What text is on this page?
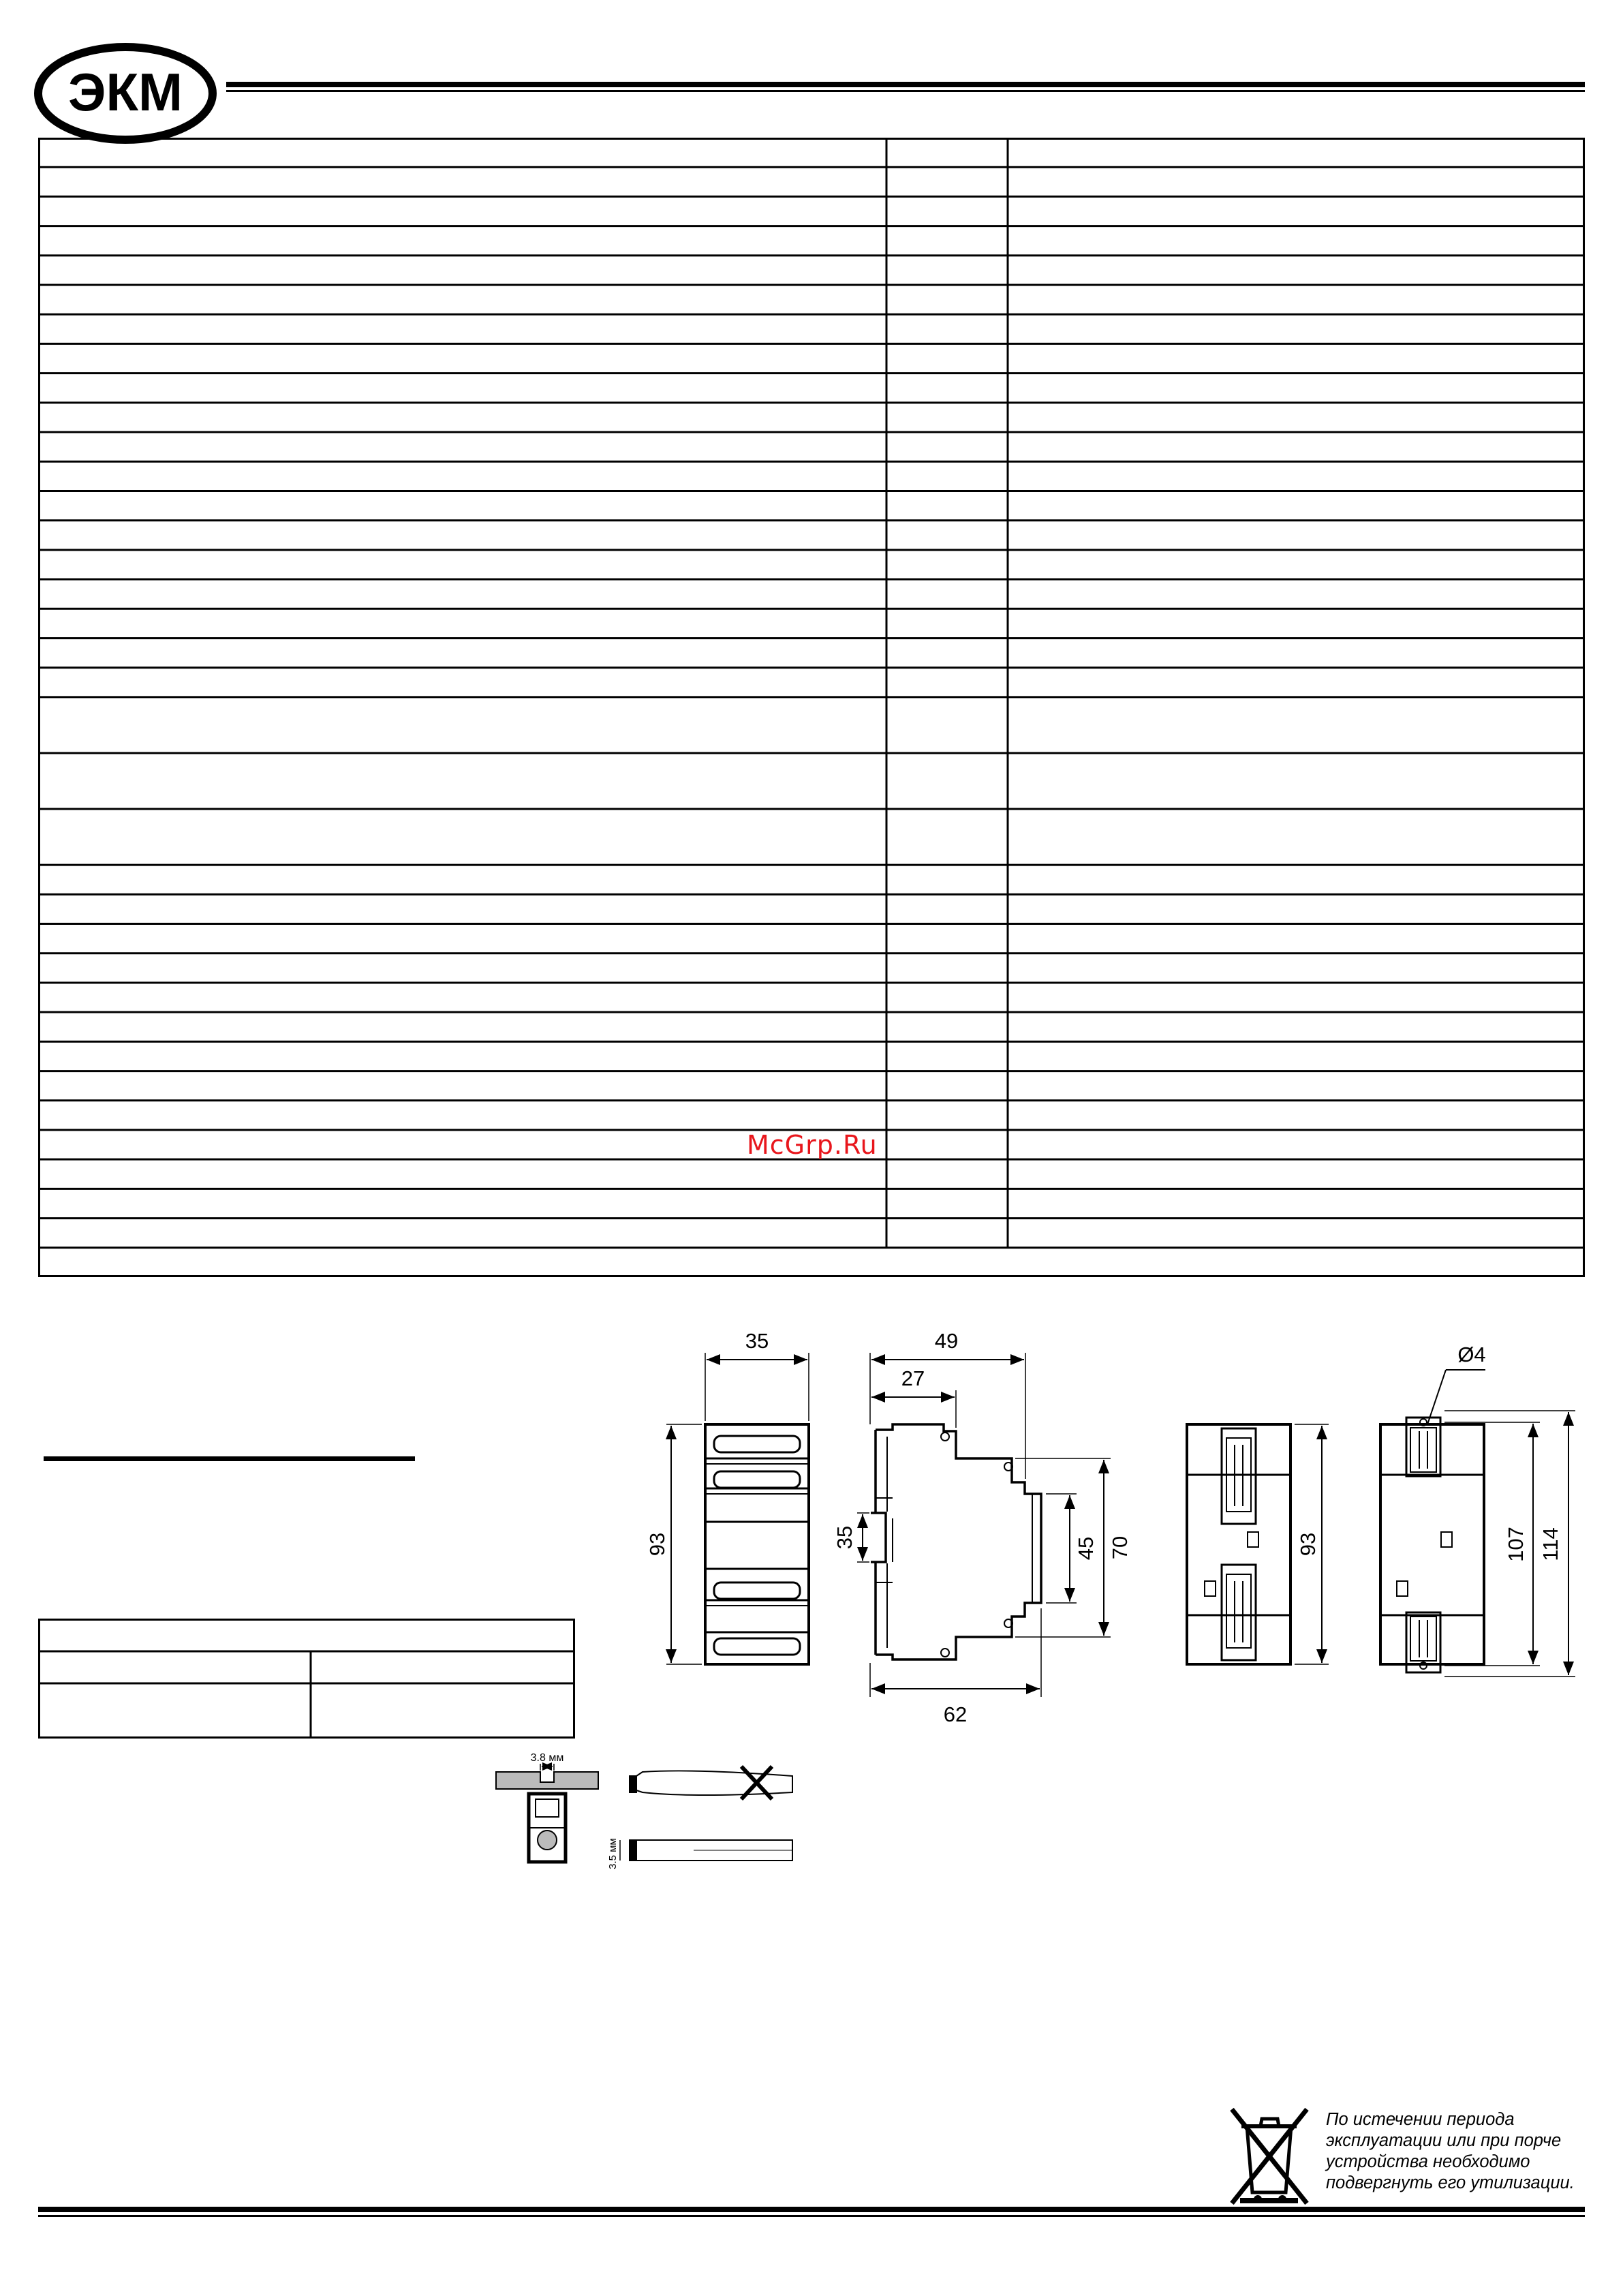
ЭКМ
McGrp.Ru
35
93
49
27
62
35	45 70	93
Ø4
107 114
3.8 мм
3.5 мм
По истечении периода
эксплуатации или при порче
устройства необходимо
подвергнуть его утилизации.
